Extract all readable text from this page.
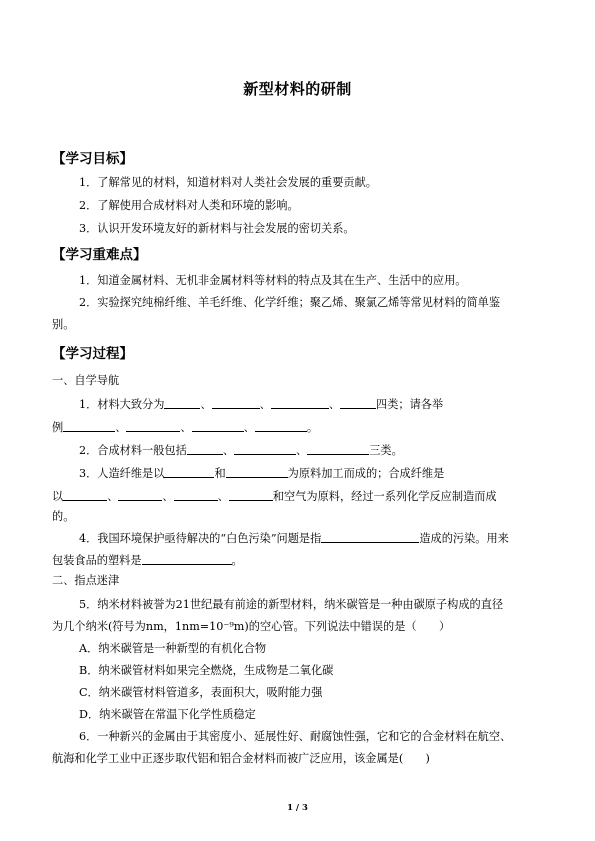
新型材料的研制
【学习目标】
1．了解常见的材料，知道材料对人类社会发展的重要贡献。
2．了解使用合成材料对人类和环境的影响。
3．认识开发环境友好的新材料与社会发展的密切关系。
【学习重难点】
1．知道金属材料、无机非金属材料等材料的特点及其在生产、生活中的应用。
2．实验探究纯棉纤维、羊毛纤维、化学纤维；聚乙烯、聚氯乙烯等常见材料的简单鉴
别。
【学习过程】
一、自学导航
1．材料大致分为	、	、	、	四类；请各举
例	、	、	、	。
2．合成材料一般包括	、	、	三类。
3．人造纤维是以	和	为原料加工而成的；合成纤维是
以	、	、	、	和空气为原料，经过一系列化学反应制造而成
的。
4．我国环境保护亟待解决的“白色污染”问题是指	造成的污染。用来
包装食品的塑料是	。
二、指点迷津
5．纳米材料被誉为21世纪最有前途的新型材料，纳米碳管是一种由碳原子构成的直径
为几个纳米(符号为nm，1nm=10⁻⁹m)的空心管。下列说法中错误的是（　　）
A．纳米碳管是一种新型的有机化合物
B．纳米碳管材料如果完全燃烧，生成物是二氧化碳
C．纳米碳管材料管道多，表面积大，吸附能力强
D．纳米碳管在常温下化学性质稳定
6．一种新兴的金属由于其密度小、延展性好、耐腐蚀性强，它和它的合金材料在航空、
航海和化学工业中正逐步取代铝和铝合金材料而被广泛应用，该金属是(　　)
1 / 3
